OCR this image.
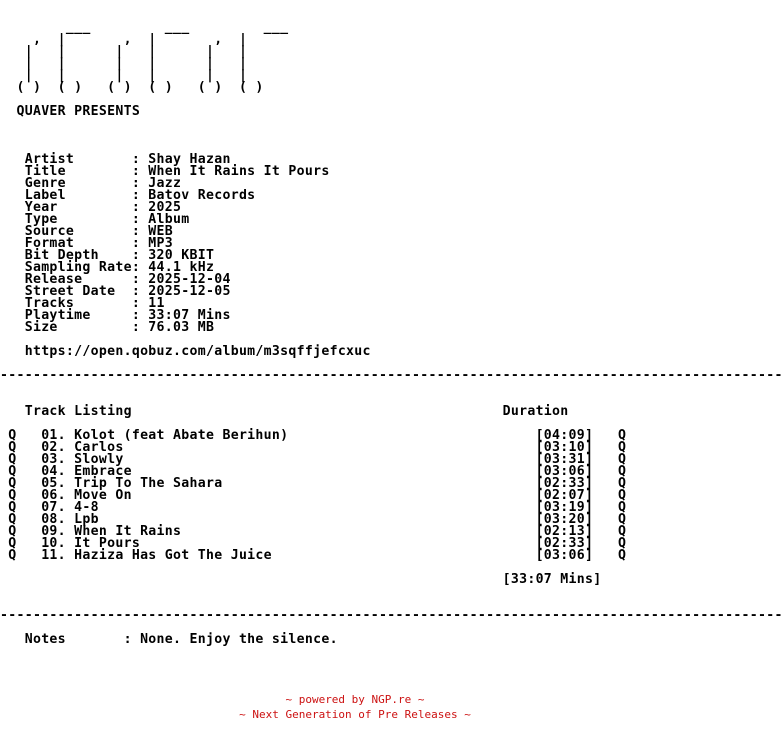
___         ___         ___
,  |       ,  |       ,  |
|   |      |   |      |   |
|   |      |   |      |   |
|   |      |   |      |   |
( )  ( )   ( )  ( )   ( )  ( )

QUAVER PRESENTS

Artist       : Shay Hazan
Title        : When It Rains It Pours
Genre        : Jazz
Label        : Batov Records
Year         : 2025
Type         : Album
Source       : WEB
Format       : MP3
Bit Depth    : 320 KBIT
Sampling Rate: 44.1 kHz
Release      : 2025-12-04
Street Date  : 2025-12-05
Tracks       : 11
Playtime     : 33:07 Mins
Size         : 76.03 MB

https://open.qobuz.com/album/m3sqffjefcxuc

-----------------------------------------------------------------------------------------------

Track Listing                                             Duration

Q   01. Kolot (feat Abate Berihun)                              [04:09]   Q
Q   02. Carlos                                                  [03:10]   Q
Q   03. Slowly                                                  [03:31]   Q
Q   04. Embrace                                                 [03:06]   Q
Q   05. Trip To The Sahara                                      [02:33]   Q
Q   06. Move On                                                 [02:07]   Q
Q   07. 4-8                                                     [03:19]   Q
Q   08. Lpb                                                     [03:20]   Q
Q   09. When It Rains                                           [02:13]   Q
Q   10. It Pours                                                [02:33]   Q
Q   11. Haziza Has Got The Juice                                [03:06]   Q

[33:07 Mins]

-----------------------------------------------------------------------------------------------

Notes       : None. Enjoy the silence.
~ powered by NGP.re ~
~ Next Generation of Pre Releases ~
